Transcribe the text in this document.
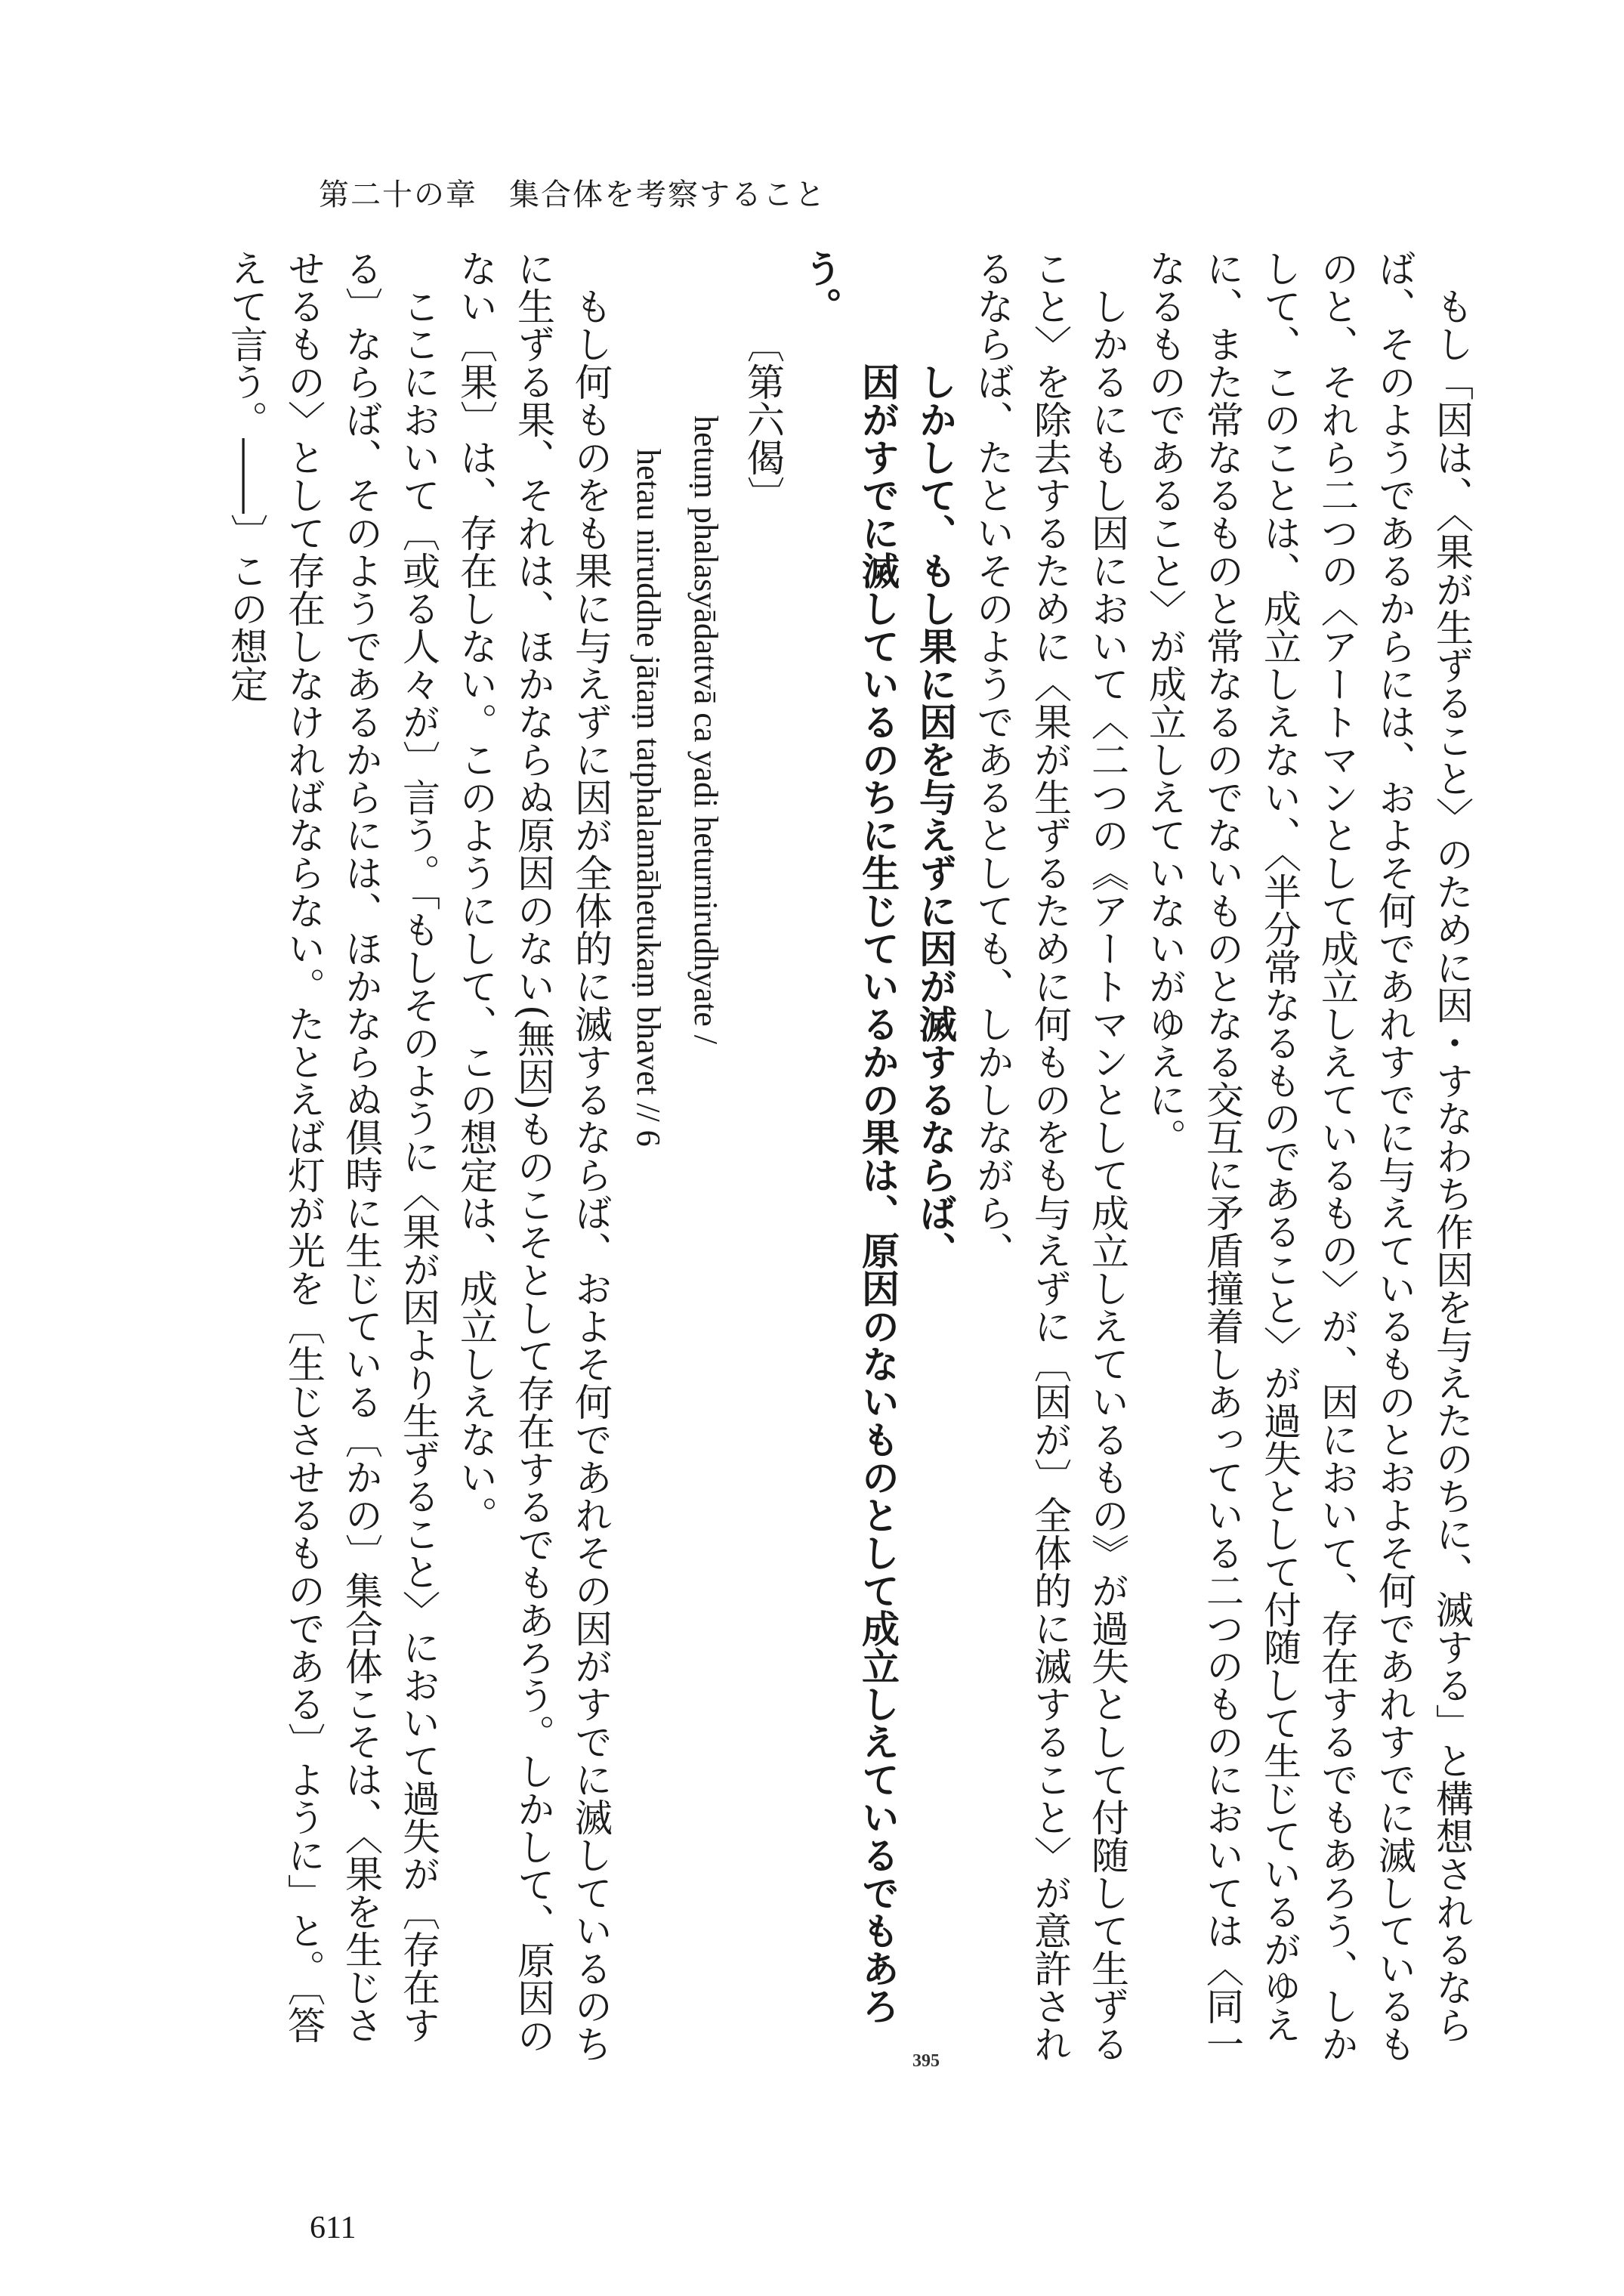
第二十の章　集合体を考察すること

もし「因は、〈果が生ずること〉のために因・すなわち作因を与えたのちに、滅する」と構想されるならば、そのようであるからには、およそ何であれすでに与えているものとおよそ何であれすでに滅しているものと、それら二つの〈アートマンとして成立しえているもの〉が、因において、存在するでもあろう、しかして、このことは、成立しえない、〈半分常なるものであること〉が過失として付随して生じているがゆえに、また常なるものと常なるのでないものとなる交互に矛盾撞着しあっている二つのものにおいては〈同一なるものであること〉が成立しえていないがゆえに。

しかるにもし因において〈二つの《アートマンとして成立しえているもの》が過失として付随して生ずること〉を除去するために〈果が生ずるために何ものをも与えずに〔因が〕全体的に滅すること〉が意許されるならば、たといそのようであるとしても、しかしながら、

しかして、もし果に因を与えずに因が滅するならば、

因がすでに滅しているのちに生じているかの果は、原因のないものとして成立しえているでもあろう。

〔第六偈〕

hetuṃ phalasyādattvā ca yadi heturnirudhyate /

hetau niruddhe jātaṃ tatphalamāhetukaṃ bhavet // 6

もし何ものをも果に与えずに因が全体的に滅するならば、およそ何であれその因がすでに滅しているのちに生ずる果、それは、ほかならぬ原因のない(無因)ものこそとして存在するでもあろう。しかして、原因のない〔果〕は、存在しない。このようにして、この想定は、成立しえない。

ここにおいて〔或る人々が〕言う。「もしそのように〈果が因より生ずること〉において過失が〔存在する〕ならば、そのようであるからには、ほかならぬ倶時に生じている〔かの〕集合体こそは、〈果を生じさせるもの〉として存在しなければならない。たとえば灯が光を〔生じさせるものである〕ように」と。〔答えて言う。――〕この想定

395
611
